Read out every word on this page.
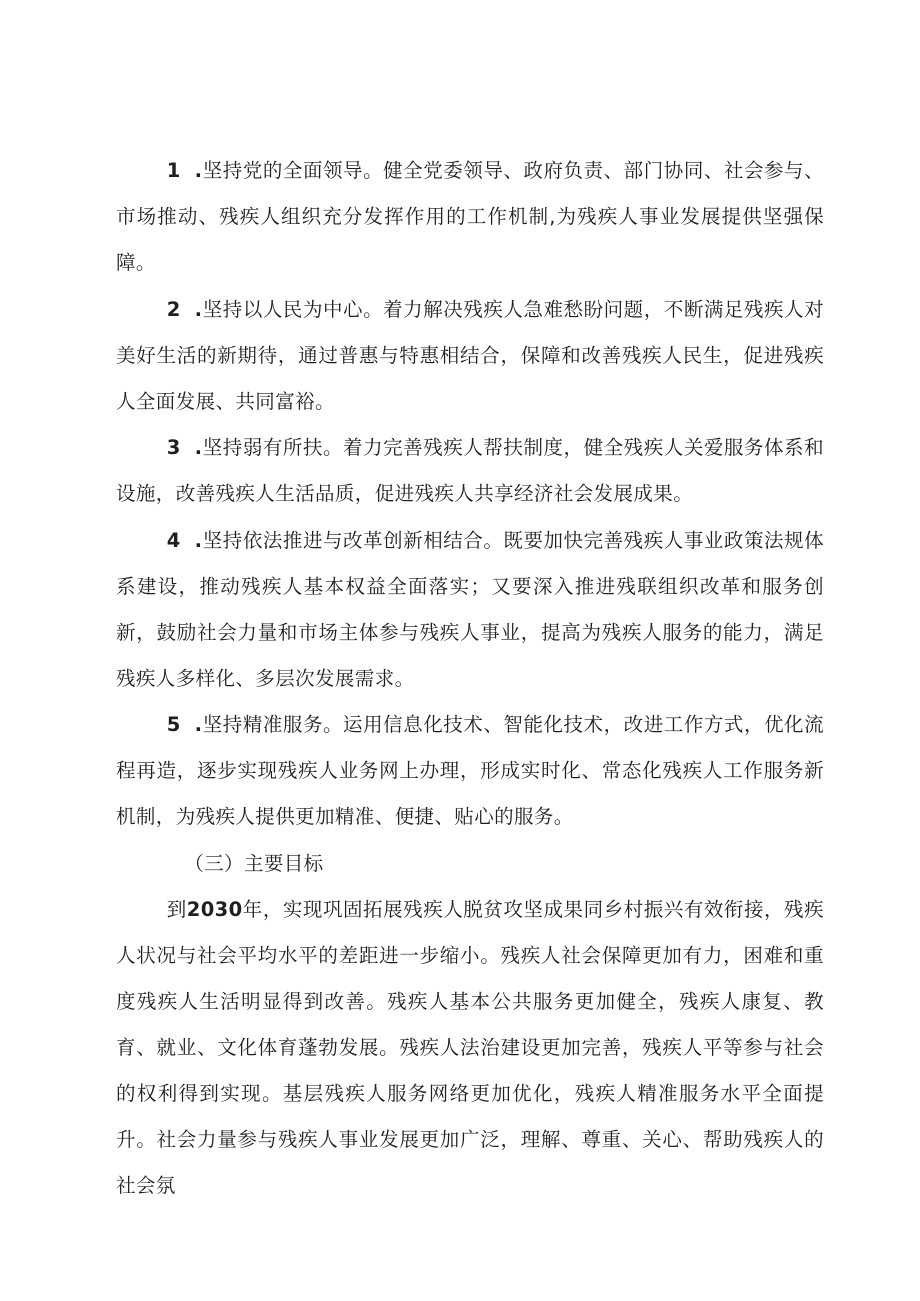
1 .坚持党的全面领导。健全党委领导、政府负责、部门协同、社会参与、市场推动、残疾人组织充分发挥作用的工作机制,为残疾人事业发展提供坚强保障。

2 .坚持以人民为中心。着力解决残疾人急难愁盼问题，不断满足残疾人对美好生活的新期待，通过普惠与特惠相结合，保障和改善残疾人民生，促进残疾人全面发展、共同富裕。

3 .坚持弱有所扶。着力完善残疾人帮扶制度，健全残疾人关爱服务体系和设施，改善残疾人生活品质，促进残疾人共享经济社会发展成果。

4 .坚持依法推进与改革创新相结合。既要加快完善残疾人事业政策法规体系建设，推动残疾人基本权益全面落实；又要深入推进残联组织改革和服务创新，鼓励社会力量和市场主体参与残疾人事业，提高为残疾人服务的能力，满足残疾人多样化、多层次发展需求。

5 .坚持精准服务。运用信息化技术、智能化技术，改进工作方式，优化流程再造，逐步实现残疾人业务网上办理，形成实时化、常态化残疾人工作服务新机制，为残疾人提供更加精准、便捷、贴心的服务。

（三）主要目标

到2030年，实现巩固拓展残疾人脱贫攻坚成果同乡村振兴有效衔接，残疾人状况与社会平均水平的差距进一步缩小。残疾人社会保障更加有力，困难和重度残疾人生活明显得到改善。残疾人基本公共服务更加健全，残疾人康复、教育、就业、文化体育蓬勃发展。残疾人法治建设更加完善，残疾人平等参与社会的权利得到实现。基层残疾人服务网络更加优化，残疾人精准服务水平全面提升。社会力量参与残疾人事业发展更加广泛，理解、尊重、关心、帮助残疾人的社会氛
